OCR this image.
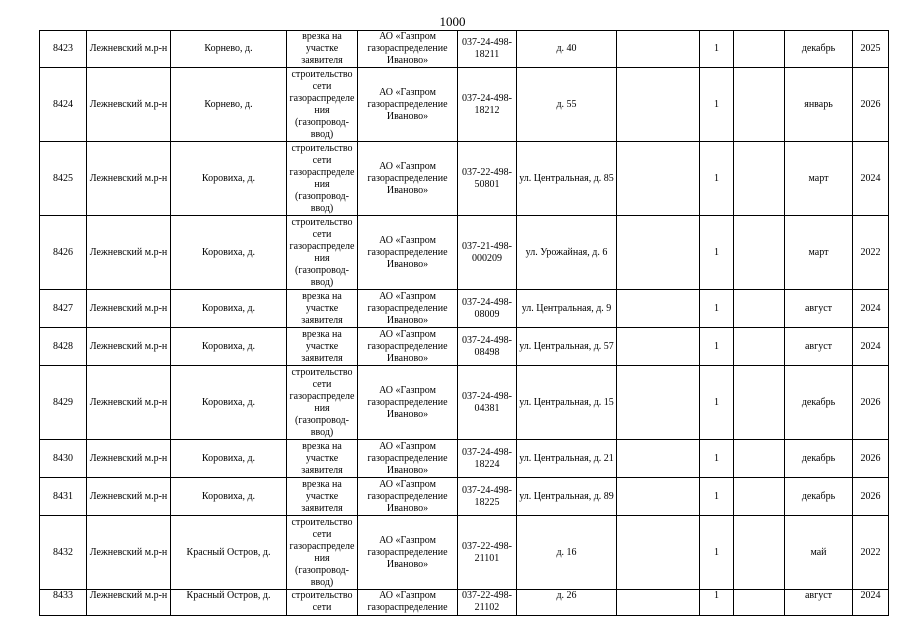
1000
8423	Лежневский м.р-н	Корнево, д.	врезка на участке заявителя	АО «Газпром газораспределение Иваново»	037-24-498-18211	д. 40		1		декабрь	2025
8424	Лежневский м.р-н	Корнево, д.	строительство сети газораспределения (газопровод-ввод)	АО «Газпром газораспределение Иваново»	037-24-498-18212	д. 55		1		январь	2026
8425	Лежневский м.р-н	Коровиха, д.	строительство сети газораспределения (газопровод-ввод)	АО «Газпром газораспределение Иваново»	037-22-498-50801	ул. Центральная, д. 85		1		март	2024
8426	Лежневский м.р-н	Коровиха, д.	строительство сети газораспределения (газопровод-ввод)	АО «Газпром газораспределение Иваново»	037-21-498-000209	ул. Урожайная, д. 6		1		март	2022
8427	Лежневский м.р-н	Коровиха, д.	врезка на участке заявителя	АО «Газпром газораспределение Иваново»	037-24-498-08009	ул. Центральная, д. 9		1		август	2024
8428	Лежневский м.р-н	Коровиха, д.	врезка на участке заявителя	АО «Газпром газораспределение Иваново»	037-24-498-08498	ул. Центральная, д. 57		1		август	2024
8429	Лежневский м.р-н	Коровиха, д.	строительство сети газораспределения (газопровод-ввод)	АО «Газпром газораспределение Иваново»	037-24-498-04381	ул. Центральная, д. 15		1		декабрь	2026
8430	Лежневский м.р-н	Коровиха, д.	врезка на участке заявителя	АО «Газпром газораспределение Иваново»	037-24-498-18224	ул. Центральная, д. 21		1		декабрь	2026
8431	Лежневский м.р-н	Коровиха, д.	врезка на участке заявителя	АО «Газпром газораспределение Иваново»	037-24-498-18225	ул. Центральная, д. 89		1		декабрь	2026
8432	Лежневский м.р-н	Красный Остров, д.	строительство сети газораспределения (газопровод-ввод)	АО «Газпром газораспределение Иваново»	037-22-498-21101	д. 16		1		май	2022
8433	Лежневский м.р-н	Красный Остров, д.	строительство сети	АО «Газпром газораспределение	037-22-498-21102	д. 26		1		август	2024
